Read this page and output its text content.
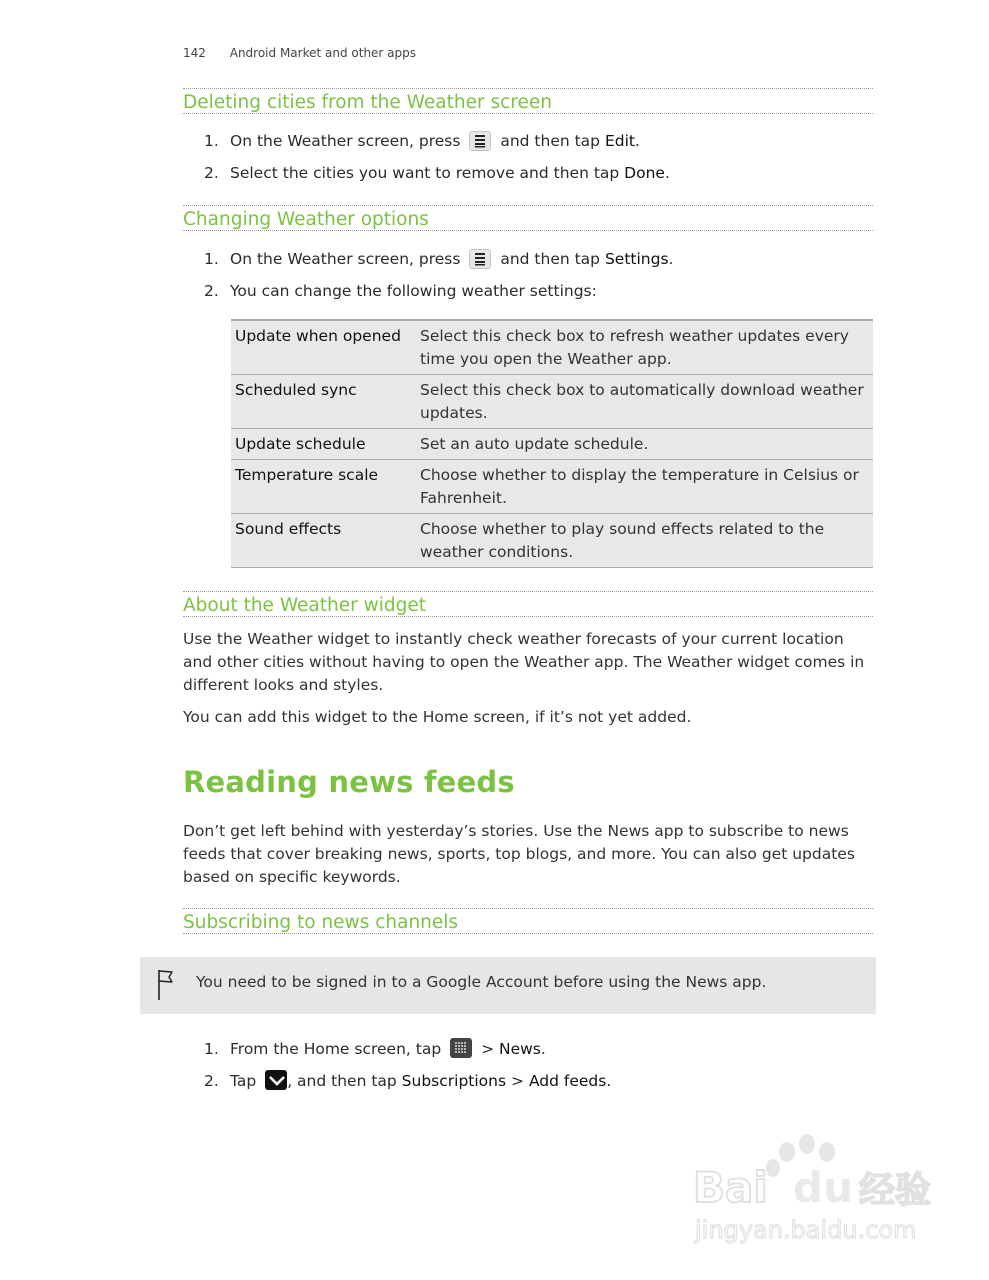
142 Android Market and other apps
Deleting cities from the Weather screen
1. On the Weather screen, press	and then tap Edit.
2. Select the cities you want to remove and then tap Done.
Changing Weather options
1. On the Weather screen, press	and then tap Settings.
2. You can change the following weather settings:
Update when opened	Select this check box to refresh weather updates every time you open the Weather app.
Scheduled sync	Select this check box to automatically download weather updates.
Update schedule	Set an auto update schedule.
Temperature scale	Choose whether to display the temperature in Celsius or Fahrenheit.
Sound effects	Choose whether to play sound effects related to the weather conditions.
About the Weather widget
Use the Weather widget to instantly check weather forecasts of your current location and other cities without having to open the Weather app. The Weather widget comes in different looks and styles.
You can add this widget to the Home screen, if it’s not yet added.
Reading news feeds
Don’t get left behind with yesterday’s stories. Use the News app to subscribe to news feeds that cover breaking news, sports, top blogs, and more. You can also get updates based on specific keywords.
Subscribing to news channels
You need to be signed in to a Google Account before using the News app.
1. From the Home screen, tap	> News.
2. Tap , and then tap Subscriptions > Add feeds.
Bai du 经验
jingyan.baidu.com
